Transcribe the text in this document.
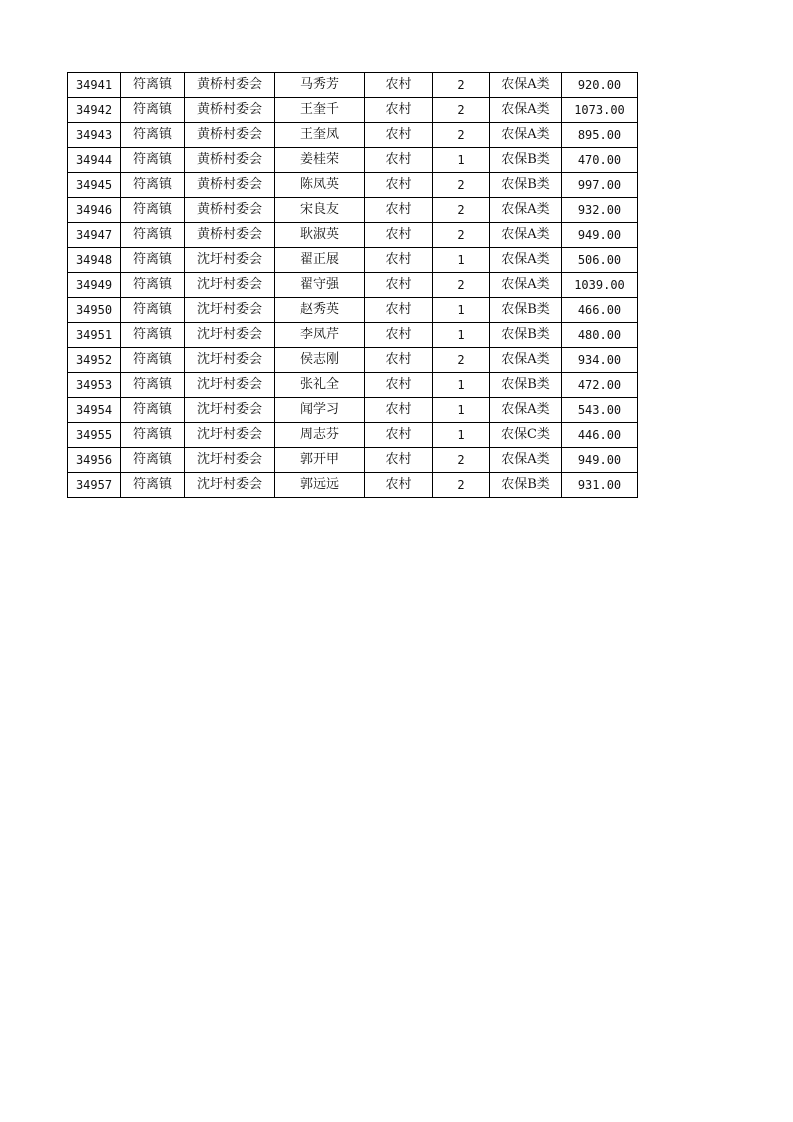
34941	符离镇	黄桥村委会	马秀芳	农村	2	农保A类	920.00
34942	符离镇	黄桥村委会	王奎千	农村	2	农保A类	1073.00
34943	符离镇	黄桥村委会	王奎凤	农村	2	农保A类	895.00
34944	符离镇	黄桥村委会	姜桂荣	农村	1	农保B类	470.00
34945	符离镇	黄桥村委会	陈凤英	农村	2	农保B类	997.00
34946	符离镇	黄桥村委会	宋良友	农村	2	农保A类	932.00
34947	符离镇	黄桥村委会	耿淑英	农村	2	农保A类	949.00
34948	符离镇	沈圩村委会	翟正展	农村	1	农保A类	506.00
34949	符离镇	沈圩村委会	翟守强	农村	2	农保A类	1039.00
34950	符离镇	沈圩村委会	赵秀英	农村	1	农保B类	466.00
34951	符离镇	沈圩村委会	李凤芹	农村	1	农保B类	480.00
34952	符离镇	沈圩村委会	侯志刚	农村	2	农保A类	934.00
34953	符离镇	沈圩村委会	张礼全	农村	1	农保B类	472.00
34954	符离镇	沈圩村委会	闻学习	农村	1	农保A类	543.00
34955	符离镇	沈圩村委会	周志芬	农村	1	农保C类	446.00
34956	符离镇	沈圩村委会	郭开甲	农村	2	农保A类	949.00
34957	符离镇	沈圩村委会	郭远远	农村	2	农保B类	931.00
